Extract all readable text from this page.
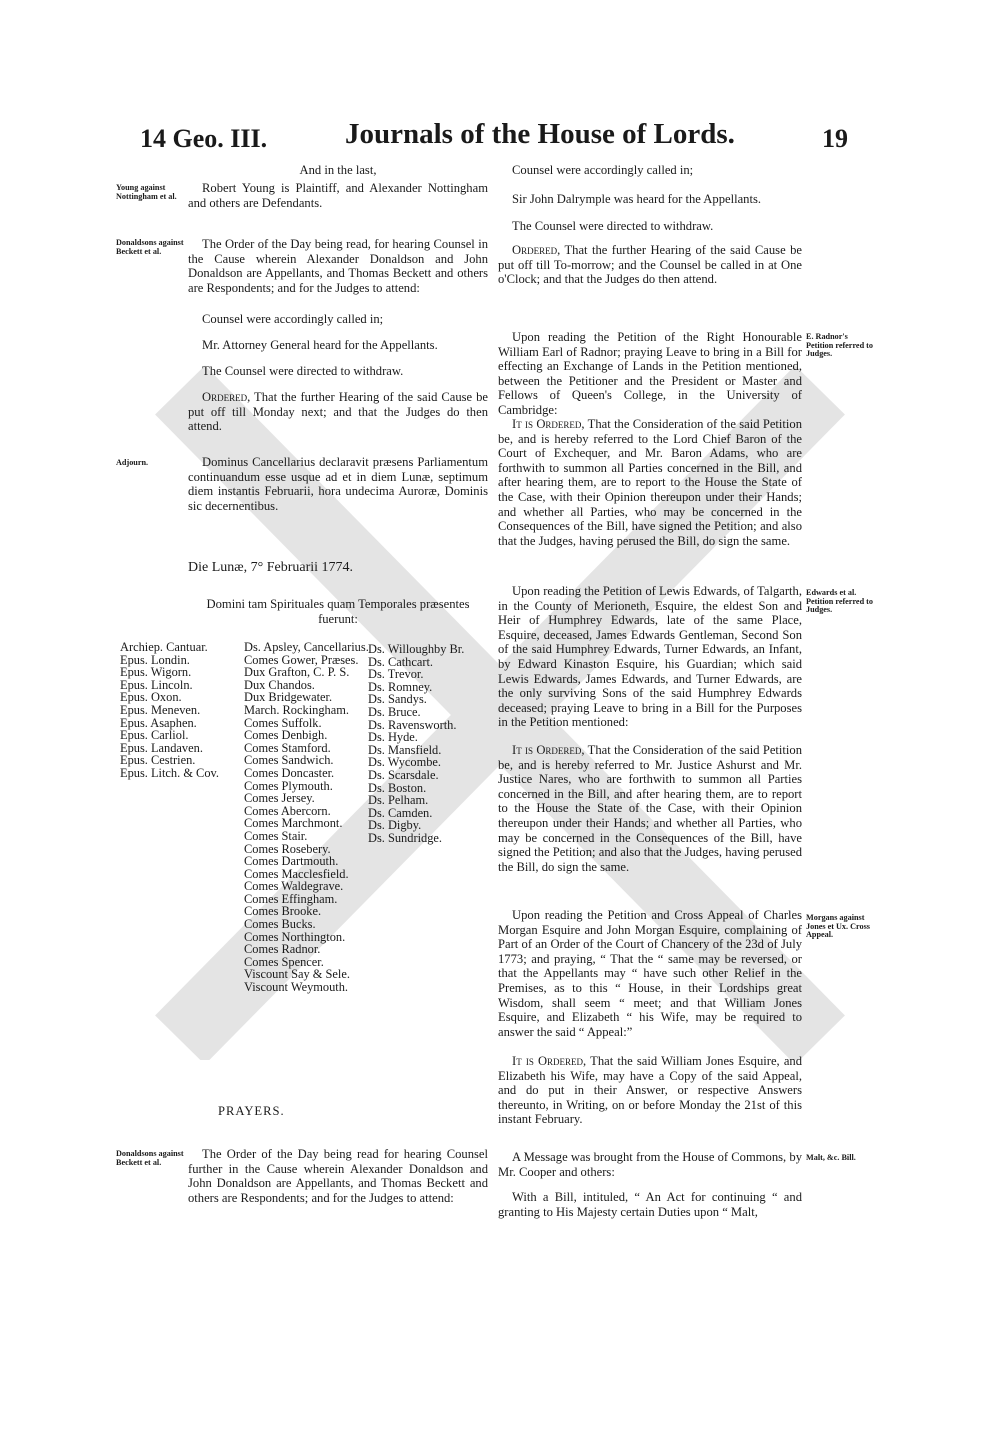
14 Geo. III.	Journals of the House of Lords.	19
And in the last,
Young against Nottingham et al.
Robert Young is Plaintiff, and Alexander Nottingham and others are Defendants.
Donaldsons against Beckett et al.
The Order of the Day being read, for hearing Counsel in the Cause wherein Alexander Donaldson and John Donaldson are Appellants, and Thomas Beckett and others are Respondents; and for the Judges to attend:
Counsel were accordingly called in;
Mr. Attorney General heard for the Appellants.
The Counsel were directed to withdraw.
Ordered, That the further Hearing of the said Cause be put off till Monday next; and that the Judges do then attend.
Adjourn.	Dominus Cancellarius declaravit præsens Parliamentum continuandum esse usque ad et in diem Lunæ, septimum diem instantis Februarii, hora undecima Auroræ, Dominis sic decernentibus.
Die Lunæ, 7° Februarii 1774.
Domini tam Spirituales quam Temporales præsentes fuerunt:
Archiep. Cantuar.
Epus. Londin.
Epus. Wigorn.
Epus. Lincoln.
Epus. Oxon.
Epus. Meneven.
Epus. Asaphen.
Epus. Carliol.
Epus. Landaven.
Epus. Cestrien.
Epus. Litch. & Cov.
Ds. Apsley, Cancellarius.
Comes Gower, Præses.
Dux Grafton, C. P. S.
Dux Chandos.
Dux Bridgewater.
March. Rockingham.
Comes Suffolk.
Comes Denbigh.
Comes Stamford.
Comes Sandwich.
Comes Doncaster.
Comes Plymouth.
Comes Jersey.
Comes Abercorn.
Comes Marchmont.
Comes Stair.
Comes Rosebery.
Comes Dartmouth.
Comes Macclesfield.
Comes Waldegrave.
Comes Effingham.
Comes Brooke.
Comes Bucks.
Comes Northington.
Comes Radnor.
Comes Spencer.
Viscount Say & Sele.
Viscount Weymouth.
Ds. Willoughby Br.
Ds. Cathcart.
Ds. Trevor.
Ds. Romney.
Ds. Sandys.
Ds. Bruce.
Ds. Ravensworth.
Ds. Hyde.
Ds. Mansfield.
Ds. Wycombe.
Ds. Scarsdale.
Ds. Boston.
Ds. Pelham.
Ds. Camden.
Ds. Digby.
Ds. Sundridge.
PRAYERS.
Donaldsons against Beckett et al.
The Order of the Day being read for hearing Counsel further in the Cause wherein Alexander Donaldson and John Donaldson are Appellants, and Thomas Beckett and others are Respondents; and for the Judges to attend:
Counsel were accordingly called in;
Sir John Dalrymple was heard for the Appellants.
The Counsel were directed to withdraw.
Ordered, That the further Hearing of the said Cause be put off till To-morrow; and the Counsel be called in at One o'Clock; and that the Judges do then attend.
Upon reading the Petition of the Right Honourable William Earl of Radnor; praying Leave to bring in a Bill for effecting an Exchange of Lands in the Petition mentioned, between the Petitioner and the President or Master and Fellows of Queen's College, in the University of Cambridge:
E. Radnor's Petition referred to Judges.
It is Ordered, That the Consideration of the said Petition be, and is hereby referred to the Lord Chief Baron of the Court of Exchequer, and Mr. Baron Adams, who are forthwith to summon all Parties concerned in the Bill, and after hearing them, are to report to the House the State of the Case, with their Opinion thereupon under their Hands; and whether all Parties, who may be concerned in the Consequences of the Bill, have signed the Petition; and also that the Judges, having perused the Bill, do sign the same.
Upon reading the Petition of Lewis Edwards, of Talgarth, in the County of Merioneth, Esquire, the eldest Son and Heir of Humphrey Edwards, late of the same Place, Esquire, deceased, James Edwards Gentleman, Second Son of the said Humphrey Edwards, Turner Edwards, an Infant, by Edward Kinaston Esquire, his Guardian; which said Lewis Edwards, James Edwards, and Turner Edwards, are the only surviving Sons of the said Humphrey Edwards deceased; praying Leave to bring in a Bill for the Purposes in the Petition mentioned:
Edwards et al. Petition referred to Judges.
It is Ordered, That the Consideration of the said Petition be, and is hereby referred to Mr. Justice Ashurst and Mr. Justice Nares, who are forthwith to summon all Parties concerned in the Bill, and after hearing them, are to report to the House the State of the Case, with their Opinion thereupon under their Hands; and whether all Parties, who may be concerned in the Consequences of the Bill, have signed the Petition; and also that the Judges, having perused the Bill, do sign the same.
Upon reading the Petition and Cross Appeal of Charles Morgan Esquire and John Morgan Esquire, complaining of Part of an Order of the Court of Chancery of the 23d of July 1773; and praying, “ That the “ same may be reversed, or that the Appellants may “ have such other Relief in the Premises, as to this “ House, in their Lordships great Wisdom, shall seem “ meet; and that William Jones Esquire, and Elizabeth “ his Wife, may be required to answer the said “ Appeal:”
Morgans against Jones et Ux. Cross Appeal.
It is Ordered, That the said William Jones Esquire, and Elizabeth his Wife, may have a Copy of the said Appeal, and do put in their Answer, or respective Answers thereunto, in Writing, on or before Monday the 21st of this instant February.
A Message was brought from the House of Commons, by Mr. Cooper and others:
Malt, &c. Bill.
With a Bill, intituled, “ An Act for continuing “ and granting to His Majesty certain Duties upon “ Malt,
